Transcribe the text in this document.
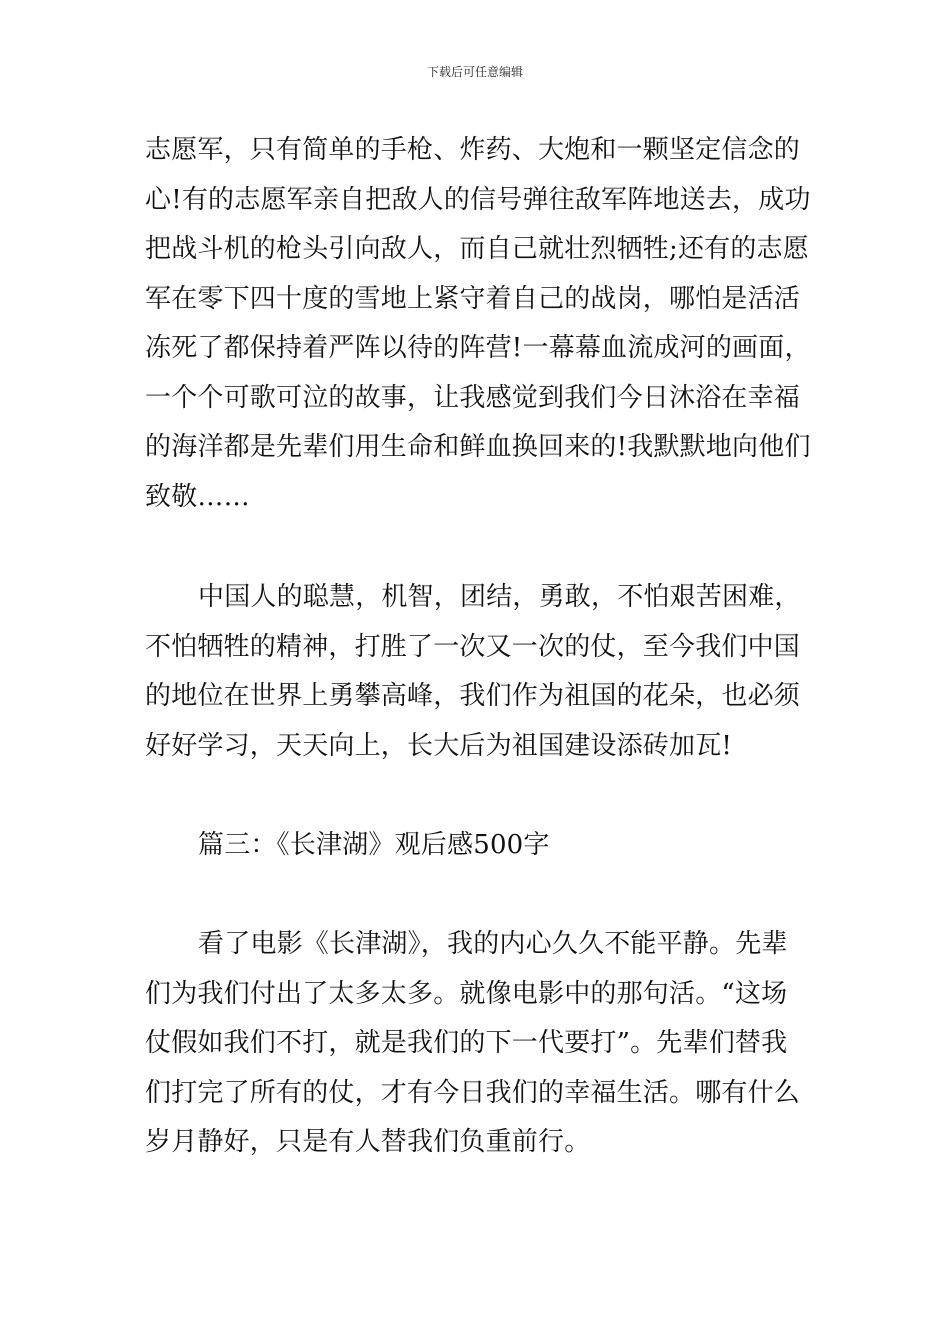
下载后可任意编辑
志愿军，只有简单的手枪、炸药、大炮和一颗坚定信念的
心!有的志愿军亲自把敌人的信号弹往敌军阵地送去，成功
把战斗机的枪头引向敌人，而自己就壮烈牺牲;还有的志愿
军在零下四十度的雪地上紧守着自己的战岗，哪怕是活活
冻死了都保持着严阵以待的阵营!一幕幕血流成河的画面，
一个个可歌可泣的故事，让我感觉到我们今日沐浴在幸福
的海洋都是先辈们用生命和鲜血换回来的!我默默地向他们
致敬……
中国人的聪慧，机智，团结，勇敢，不怕艰苦困难，
不怕牺牲的精神，打胜了一次又一次的仗，至今我们中国
的地位在世界上勇攀高峰，我们作为祖国的花朵，也必须
好好学习，天天向上，长大后为祖国建设添砖加瓦!
篇三：《长津湖》观后感500字
看了电影《长津湖》，我的内心久久不能平静。先辈
们为我们付出了太多太多。就像电影中的那句活。“这场
仗假如我们不打，就是我们的下一代要打”。先辈们替我
们打完了所有的仗，才有今日我们的幸福生活。哪有什么
岁月静好，只是有人替我们负重前行。
